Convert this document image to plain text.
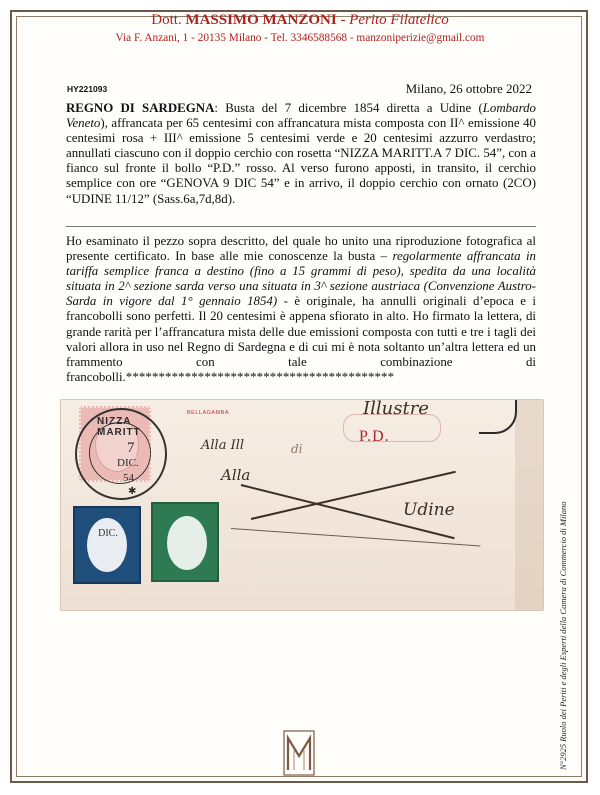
Dott. MASSIMO MANZONI - Perito Filatelico
Via F. Anzani, 1 - 20135 Milano - Tel. 3346588568 - manzoniperizie@gmail.com
HY221093	Milano, 26 ottobre 2022
REGNO DI SARDEGNA: Busta del 7 dicembre 1854 diretta a Udine (Lombardo Veneto), affrancata per 65 centesimi con affrancatura mista composta con II^ emissione 40 centesimi rosa + III^ emissione 5 centesimi verde e 20 centesimi azzurro verdastro; annullati ciascuno con il doppio cerchio con rosetta “NIZZA MARITT.A 7 DIC. 54”, con a fianco sul fronte il bollo “P.D.” rosso. Al verso furono apposti, in transito, il cerchio semplice con ore “GENOVA 9 DIC 54” e in arrivo, il doppio cerchio con ornato (2CO) “UDINE 11/12” (Sass.6a,7d,8d).
Ho esaminato il pezzo sopra descritto, del quale ho unito una riproduzione fotografica al presente certificato. In base alle mie conoscenze la busta – regolarmente affrancata in tariffa semplice franca a destino (fino a 15 grammi di peso), spedita da una località situata in 2^ sezione sarda verso una situata in 3^ sezione austriaca (Convenzione Austro-Sarda in vigore dal 1° gennaio 1854) - è originale, ha annulli originali d’epoca e i francobolli sono perfetti. Il 20 centesimi è appena sfiorato in alto. Ho firmato la lettera, di grande rarità per l’affrancatura mista delle due emissioni composta con tutti e tre i tagli dei valori allora in uso nel Regno di Sardegna e di cui mi è nota soltanto un’altra lettera ed un frammento con tale combinazione di francobolli.*****************************************
NIZZA MARITT
7
DIC.
54
✱
BELLAGAMBA
P.D.
Illustre
di
Alla Ill
Alla
Udine
DIC.	N°2925 Ruolo dei Periti e degli Esperti della Camera di Commercio di Milano
